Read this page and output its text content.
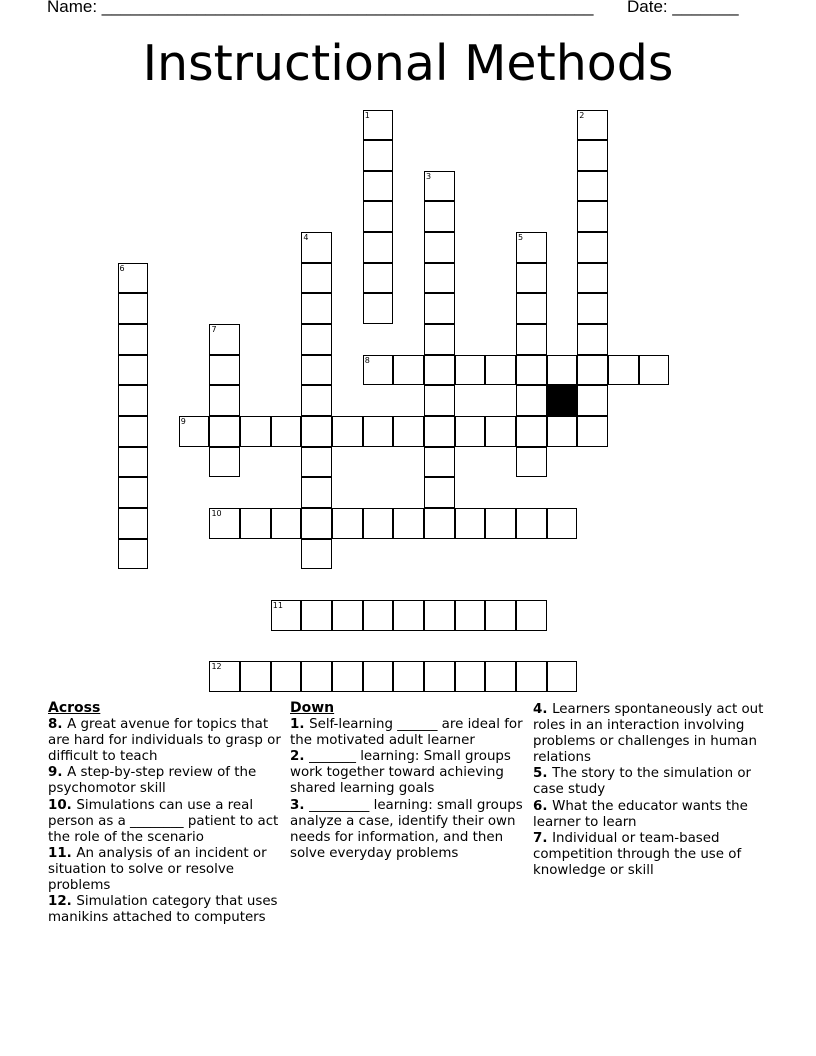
Name: ____________________________________________________ Date: _______
Instructional Methods
1	2
3
4	5
6
7
8
9
10
11
12
Across
8. A great avenue for topics that are hard for individuals to grasp or difficult to teach
9. A step-by-step review of the psychomotor skill
10. Simulations can use a real person as a ________ patient to act the role of the scenario
11. An analysis of an incident or situation to solve or resolve problems
12. Simulation category that uses manikins attached to computers
Down
1. Self-learning ______ are ideal for the motivated adult learner
2. _______ learning: Small groups work together toward achieving shared learning goals
3. _________ learning: small groups analyze a case, identify their own needs for information, and then solve everyday problems
4. Learners spontaneously act out roles in an interaction involving problems or challenges in human relations
5. The story to the simulation or case study
6. What the educator wants the learner to learn
7. Individual or team-based competition through the use of knowledge or skill
